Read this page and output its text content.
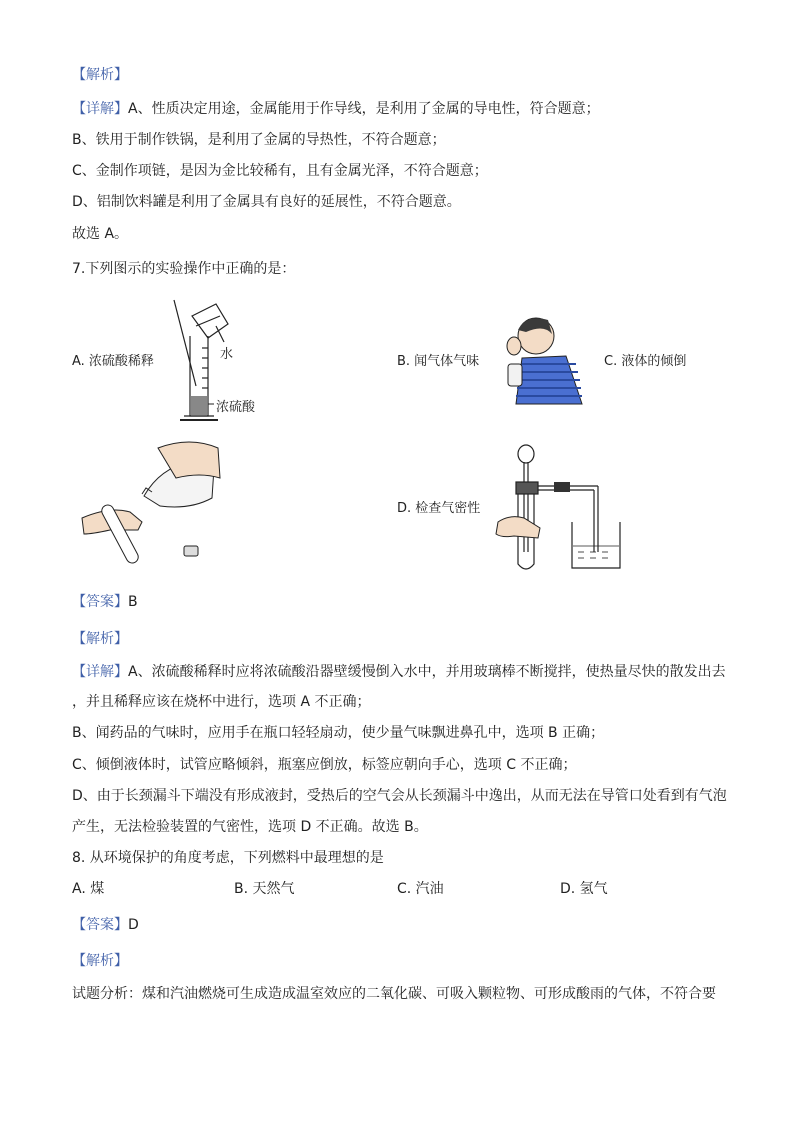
【解析】
【详解】A、性质决定用途，金属能用于作导线，是利用了金属的导电性，符合题意；
B、铁用于制作铁锅，是利用了金属的导热性，不符合题意；
C、金制作项链，是因为金比较稀有，且有金属光泽，不符合题意；
D、铝制饮料罐是利用了金属具有良好的延展性，不符合题意。
故选 A。
7.下列图示的实验操作中正确的是：
A. 浓硫酸稀释	水
浓硫酸
B. 闻气体气味	C. 液体的倾倒
D. 检查气密性
【答案】B
【解析】
【详解】A、浓硫酸稀释时应将浓硫酸沿器壁缓慢倒入水中，并用玻璃棒不断搅拌，使热量尽快的散发出去
，并且稀释应该在烧杯中进行，选项 A 不正确；
B、闻药品的气味时，应用手在瓶口轻轻扇动，使少量气味飘进鼻孔中，选项 B 正确；
C、倾倒液体时，试管应略倾斜，瓶塞应倒放，标签应朝向手心，选项 C 不正确；
D、由于长颈漏斗下端没有形成液封，受热后的空气会从长颈漏斗中逸出，从而无法在导管口处看到有气泡
产生，无法检验装置的气密性，选项 D 不正确。故选 B。
8. 从环境保护的角度考虑，下列燃料中最理想的是
A. 煤	B. 天然气	C. 汽油	D. 氢气
【答案】D
【解析】
试题分析：煤和汽油燃烧可生成造成温室效应的二氧化碳、可吸入颗粒物、可形成酸雨的气体，不符合要
